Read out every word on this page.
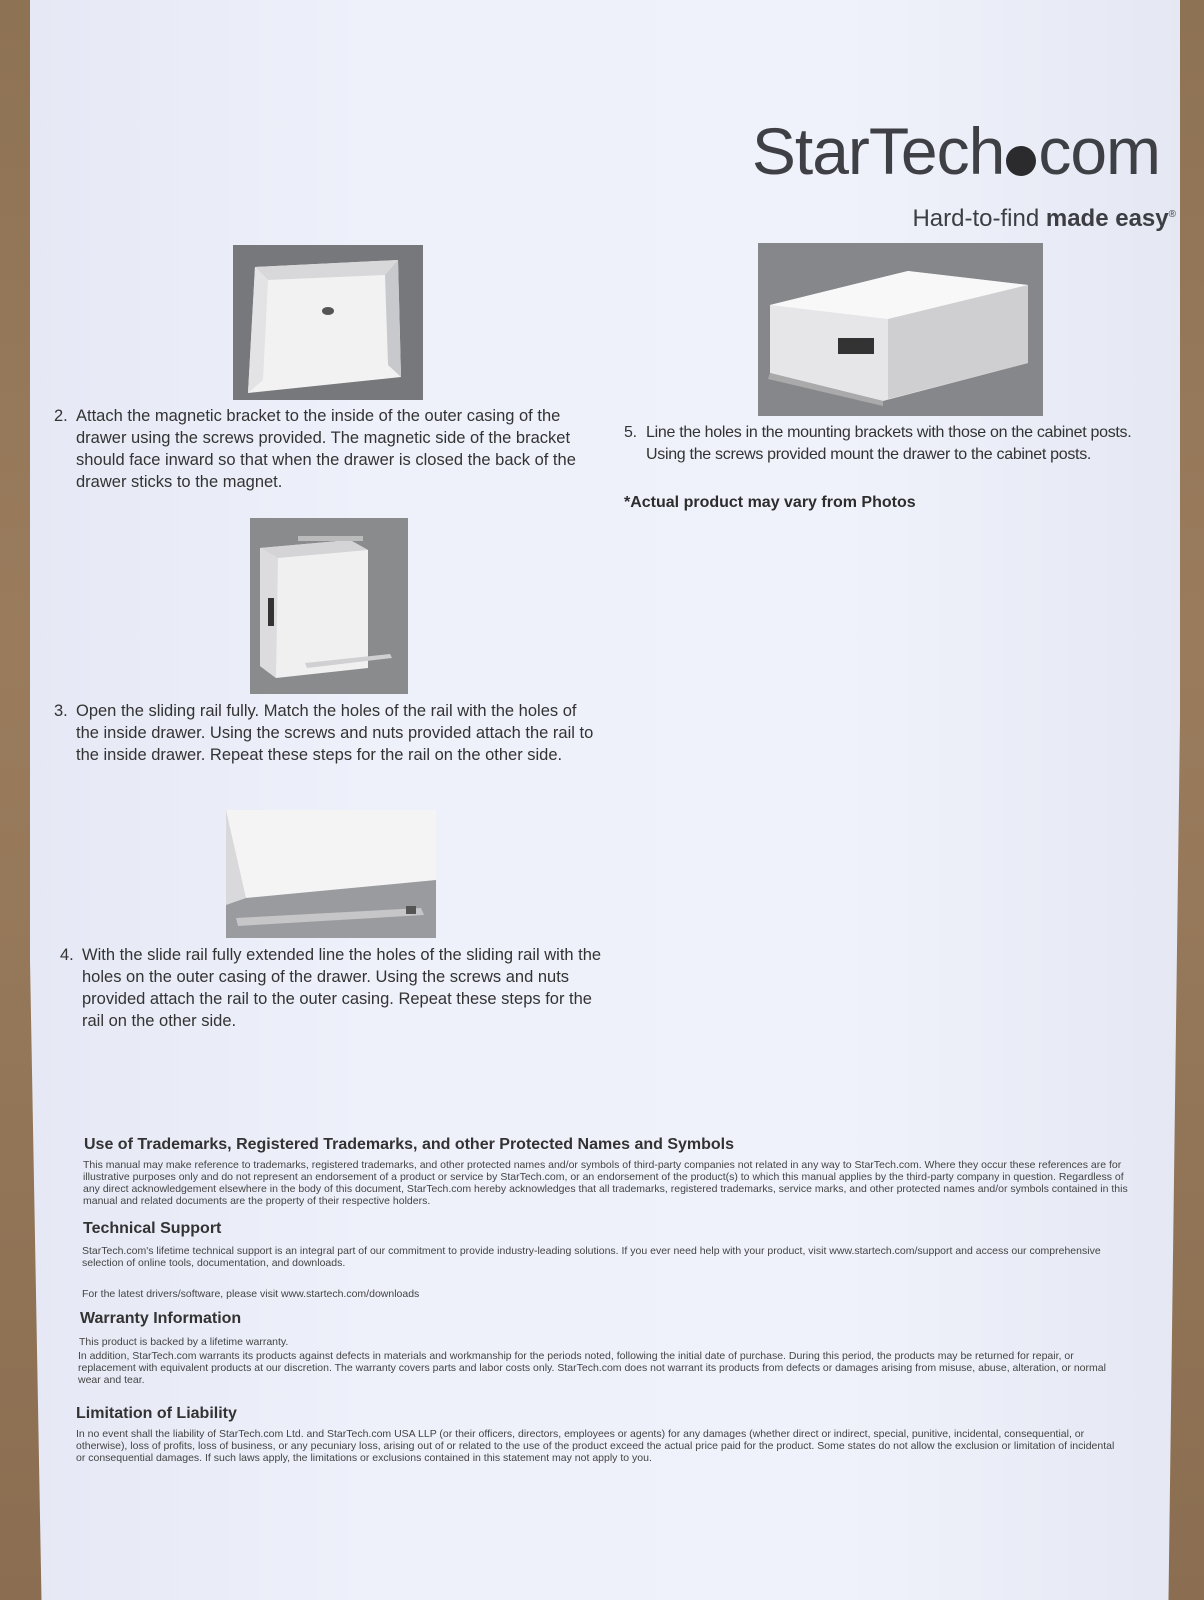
StarTech com
Hard-to-find made easy®
2. Attach the magnetic bracket to the inside of the outer casing of the drawer using the screws provided. The magnetic side of the bracket should face inward so that when the drawer is closed the back of the drawer sticks to the magnet.
3. Open the sliding rail fully. Match the holes of the rail with the holes of the inside drawer. Using the screws and nuts provided attach the rail to the inside drawer. Repeat these steps for the rail on the other side.
4. With the slide rail fully extended line the holes of the sliding rail with the holes on the outer casing of the drawer. Using the screws and nuts provided attach the rail to the outer casing. Repeat these steps for the rail on the other side.
5. Line the holes in the mounting brackets with those on the cabinet posts. Using the screws provided mount the drawer to the cabinet posts.
*Actual product may vary from Photos
Use of Trademarks, Registered Trademarks, and other Protected Names and Symbols
This manual may make reference to trademarks, registered trademarks, and other protected names and/or symbols of third-party companies not related in any way to StarTech.com. Where they occur these references are for illustrative purposes only and do not represent an endorsement of a product or service by StarTech.com, or an endorsement of the product(s) to which this manual applies by the third-party company in question. Regardless of any direct acknowledgement elsewhere in the body of this document, StarTech.com hereby acknowledges that all trademarks, registered trademarks, service marks, and other protected names and/or symbols contained in this manual and related documents are the property of their respective holders.
Technical Support
StarTech.com's lifetime technical support is an integral part of our commitment to provide industry-leading solutions. If you ever need help with your product, visit www.startech.com/support and access our comprehensive selection of online tools, documentation, and downloads.
For the latest drivers/software, please visit www.startech.com/downloads
Warranty Information
This product is backed by a lifetime warranty.
In addition, StarTech.com warrants its products against defects in materials and workmanship for the periods noted, following the initial date of purchase. During this period, the products may be returned for repair, or replacement with equivalent products at our discretion. The warranty covers parts and labor costs only. StarTech.com does not warrant its products from defects or damages arising from misuse, abuse, alteration, or normal wear and tear.
Limitation of Liability
In no event shall the liability of StarTech.com Ltd. and StarTech.com USA LLP (or their officers, directors, employees or agents) for any damages (whether direct or indirect, special, punitive, incidental, consequential, or otherwise), loss of profits, loss of business, or any pecuniary loss, arising out of or related to the use of the product exceed the actual price paid for the product. Some states do not allow the exclusion or limitation of incidental or consequential damages. If such laws apply, the limitations or exclusions contained in this statement may not apply to you.
